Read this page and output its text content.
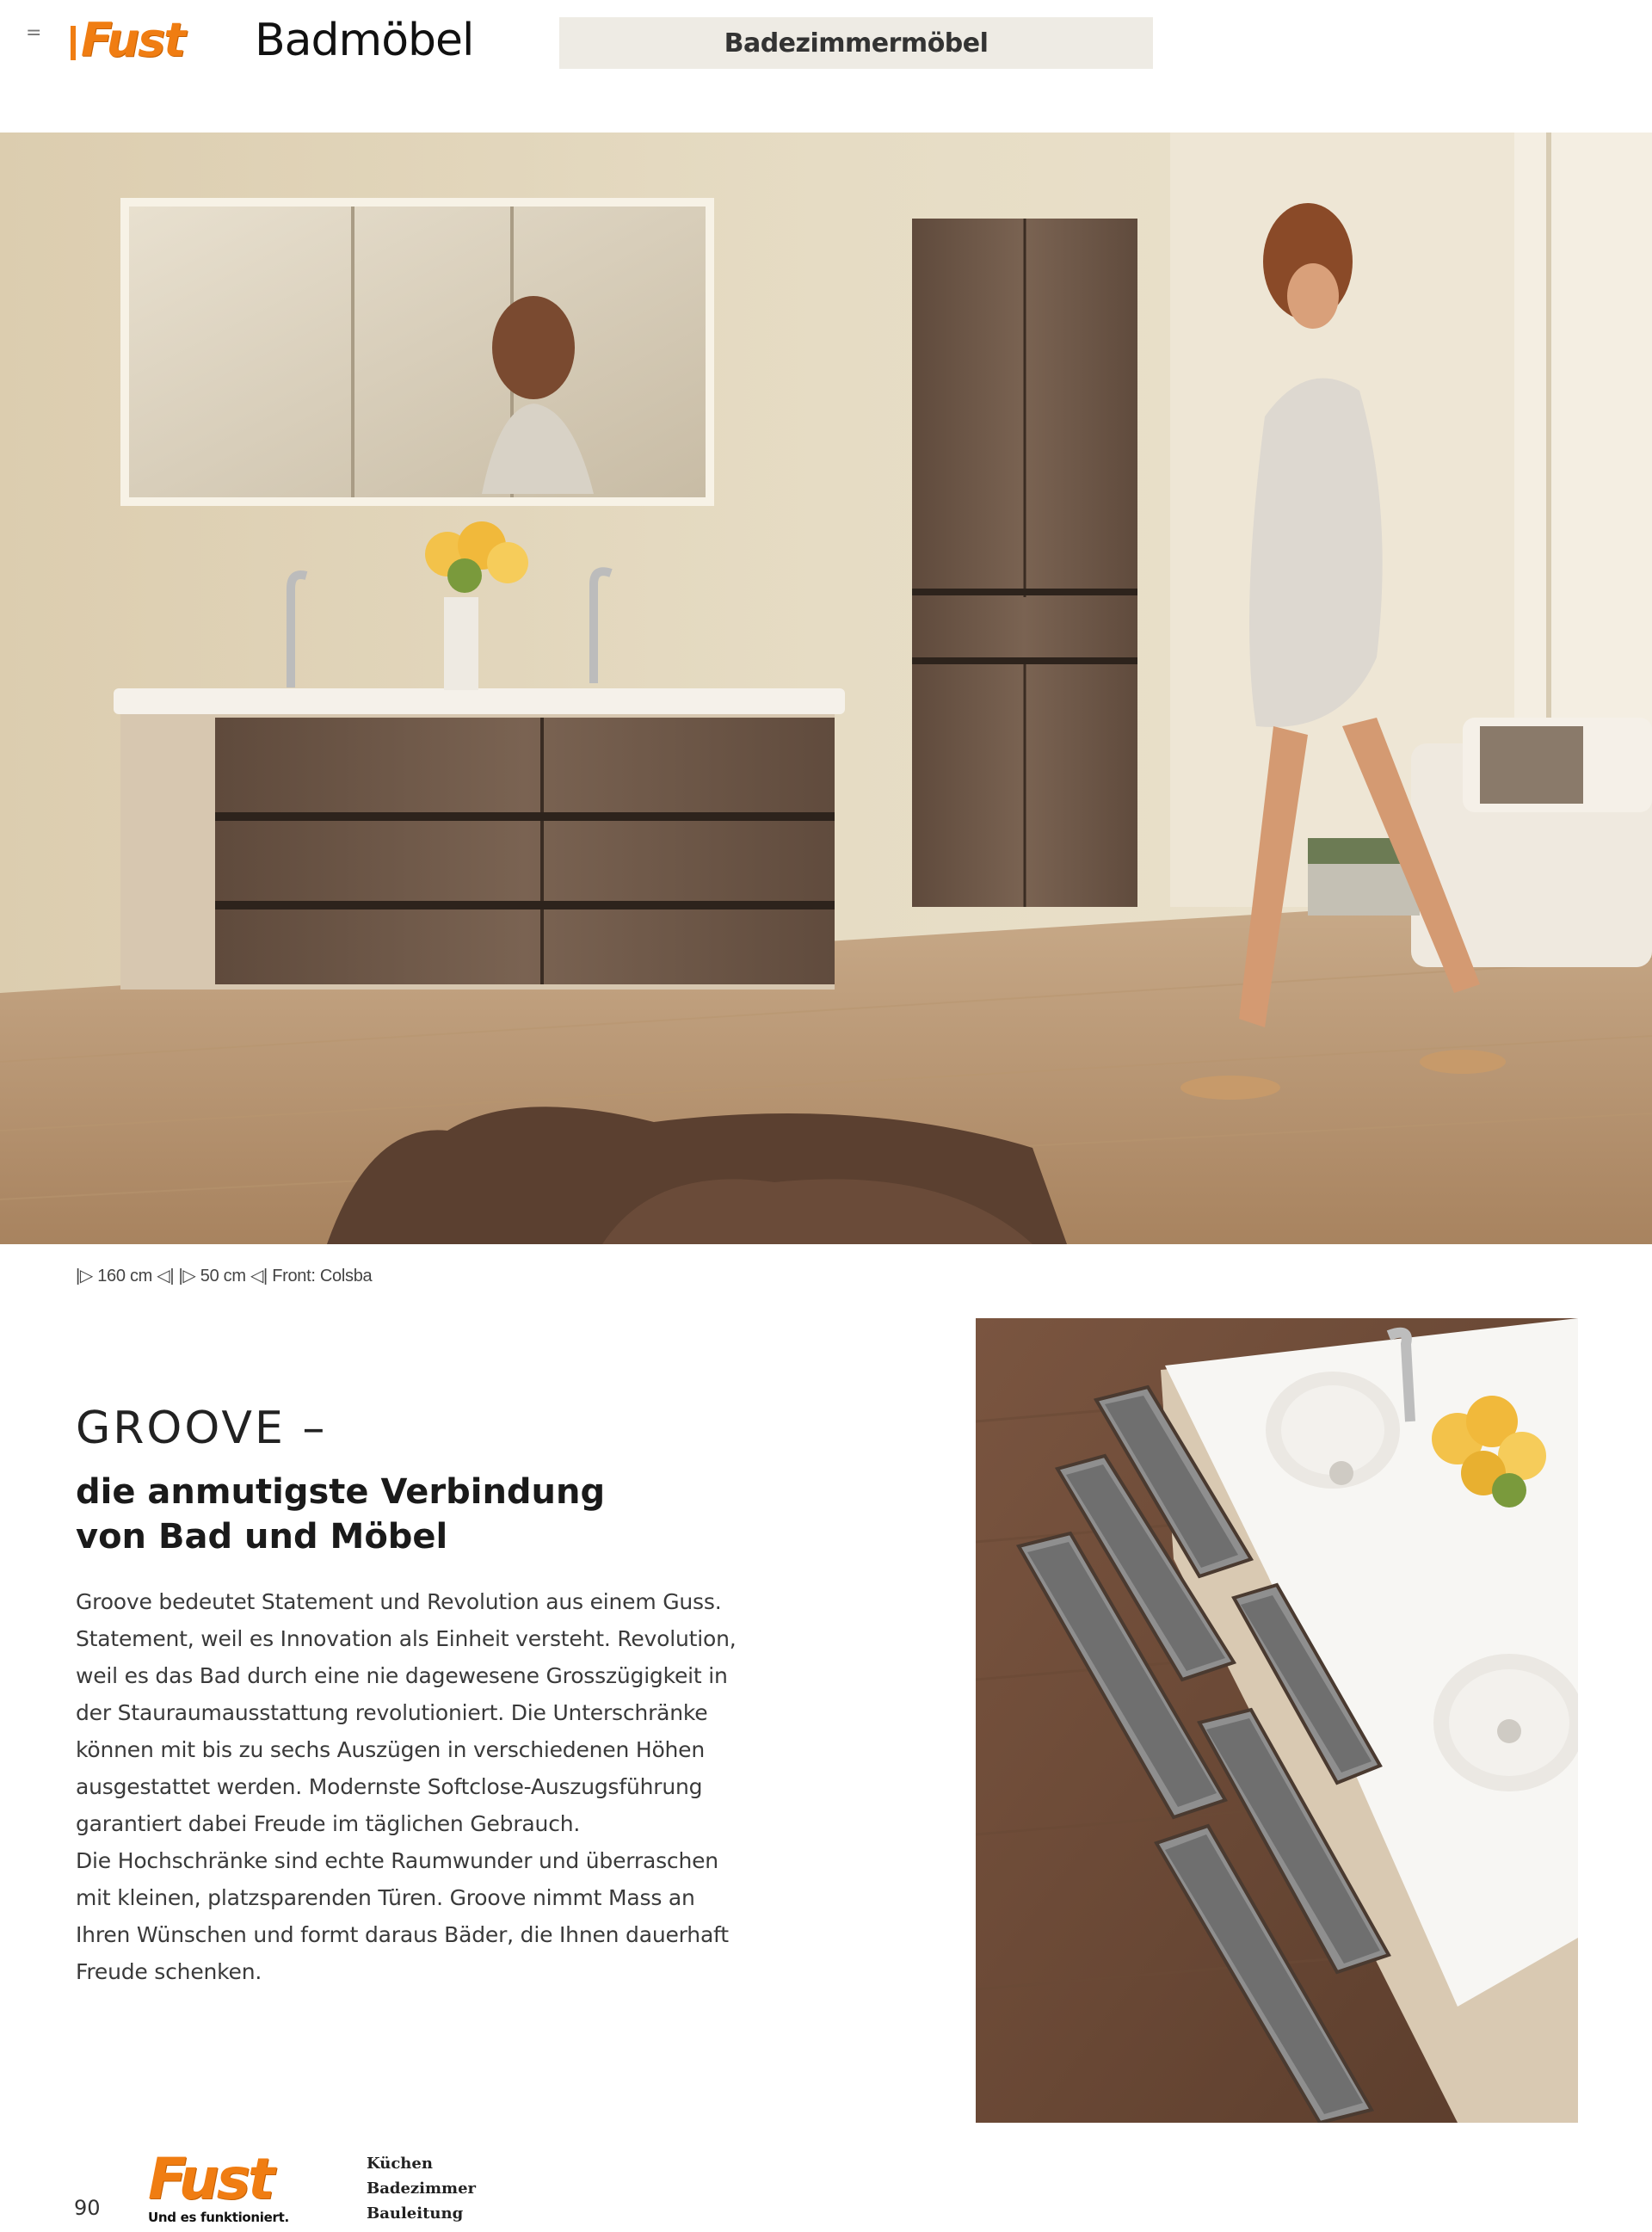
= Fust Badmöbel	Badezimmermöbel
|▷ 160 cm ◁| |▷ 50 cm ◁| Front: Colsba
GROOVE –
die anmutigste Verbindung
von Bad und Möbel

Groove bedeutet Statement und Revolution aus einem Guss.

Statement, weil es Innovation als Einheit versteht. Revolution,

weil es das Bad durch eine nie dagewesene Grosszügigkeit in

der Stauraumausstattung revolutioniert. Die Unterschränke

können mit bis zu sechs Auszügen in verschiedenen Höhen

ausgestattet werden. Modernste Softclose-Auszugsführung

garantiert dabei Freude im täglichen Gebrauch.

Die Hochschränke sind echte Raumwunder und überraschen

mit kleinen, platzsparenden Türen. Groove nimmt Mass an

Ihren Wünschen und formt daraus Bäder, die Ihnen dauerhaft

Freude schenken.

90 Fust
Und es funktioniert.
Küchen
Badezimmer
Bauleitung
